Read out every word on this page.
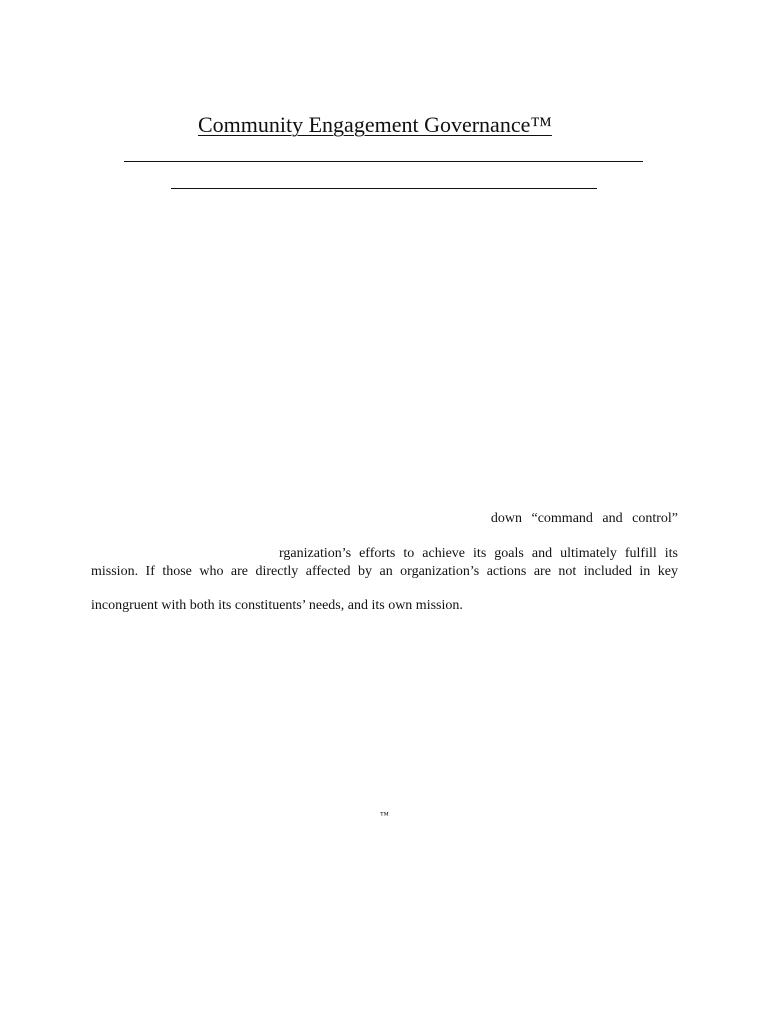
Community Engagement Governance™

down “command and control”

rganization’s efforts to achieve its goals and ultimately fulfill its

mission. If those who are directly affected by an organization’s actions are not included in key

incongruent with both its constituents’ needs, and its own mission.

™
